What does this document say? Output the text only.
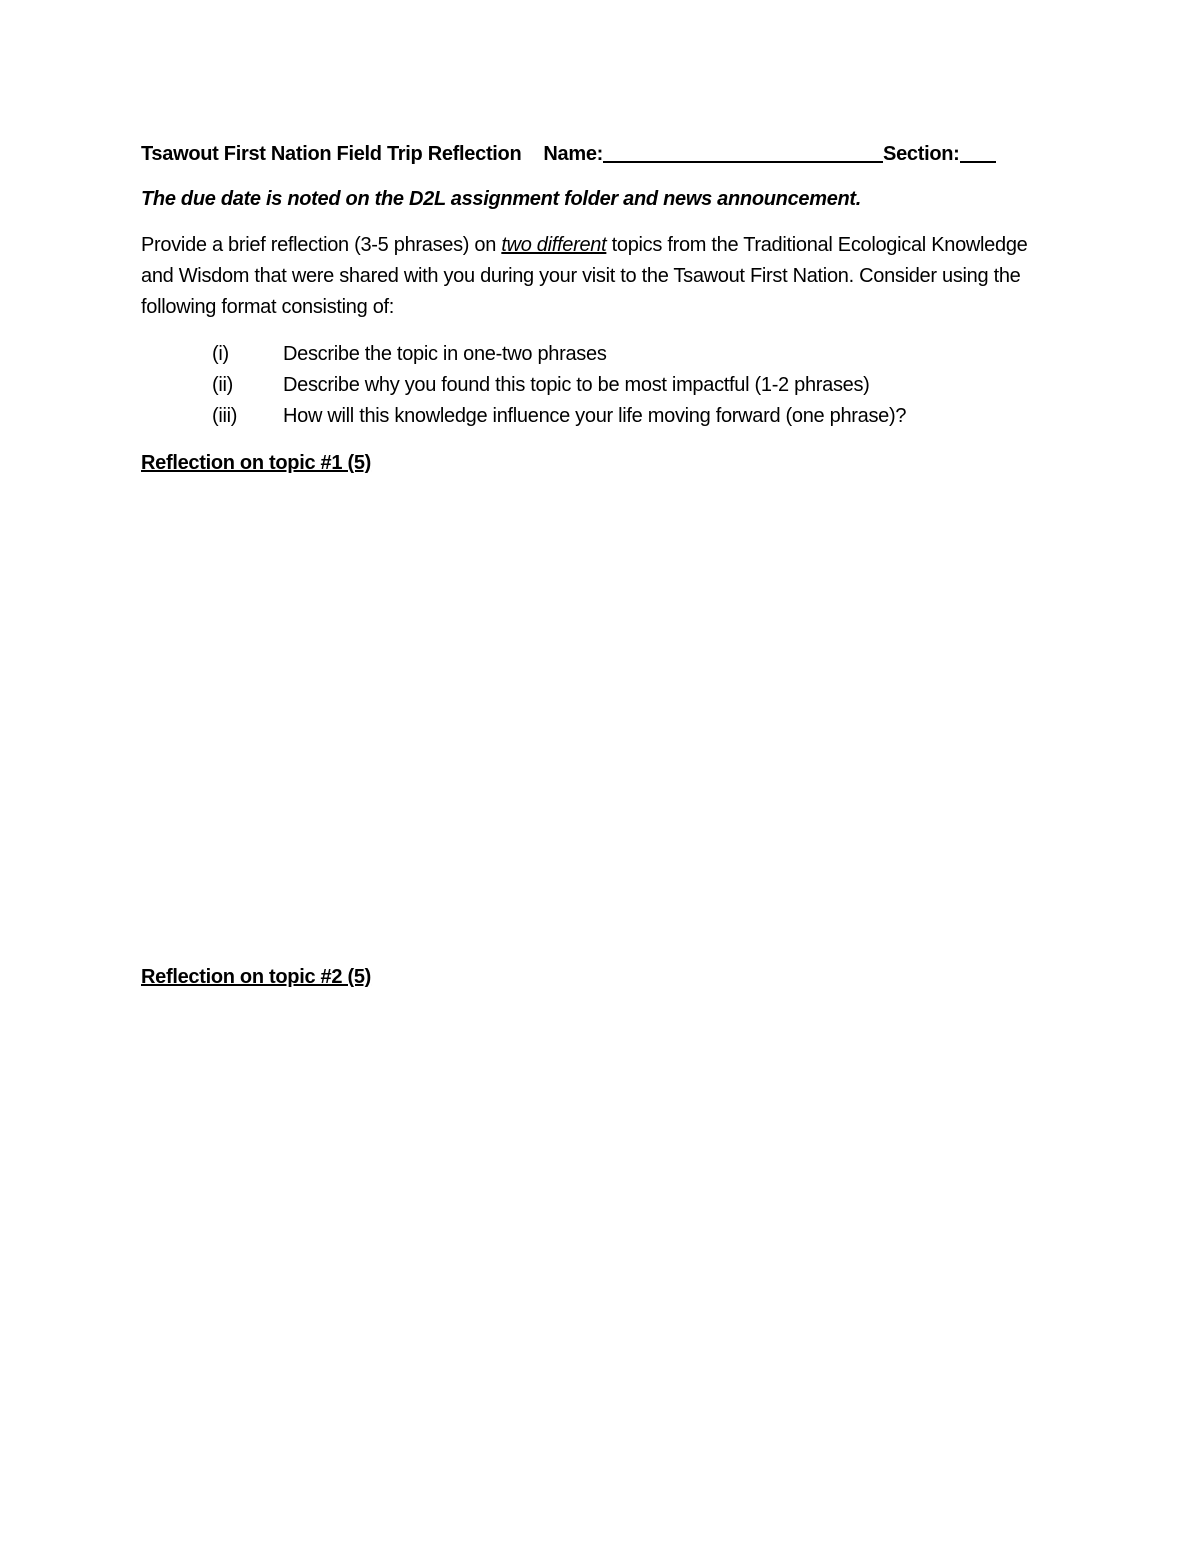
Tsawout First Nation Field Trip Reflection Name:	Section:
The due date is noted on the D2L assignment folder and news announcement.
Provide a brief reflection (3-5 phrases) on two different topics from the Traditional Ecological Knowledge and Wisdom that were shared with you during your visit to the Tsawout First Nation. Consider using the following format consisting of:
(i)	Describe the topic in one-two phrases
(ii)	Describe why you found this topic to be most impactful (1-2 phrases)
(iii)	How will this knowledge influence your life moving forward (one phrase)?
Reflection on topic #1 (5)
Reflection on topic #2 (5)
